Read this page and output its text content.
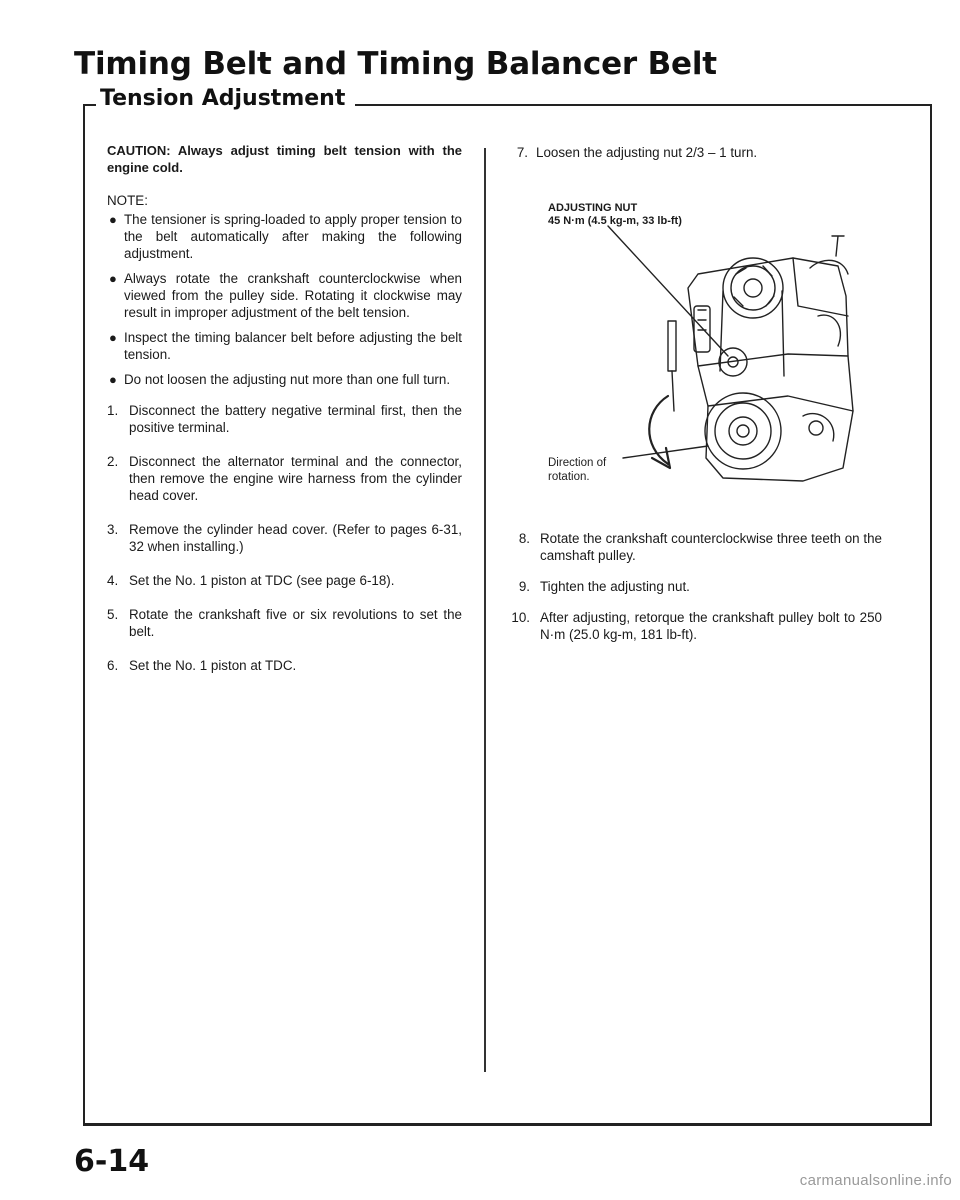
Timing Belt and Timing Balancer Belt
Tension Adjustment

CAUTION: Always adjust timing belt tension with the engine cold.

NOTE:

● The tensioner is spring-loaded to apply proper tension to the belt automatically after making the following adjustment.
● Always rotate the crankshaft counterclockwise when viewed from the pulley side. Rotating it clockwise may result in improper adjustment of the belt tension.
● Inspect the timing balancer belt before adjusting the belt tension.
● Do not loosen the adjusting nut more than one full turn.
1. Disconnect the battery negative terminal first, then the positive terminal.
2. Disconnect the alternator terminal and the connector, then remove the engine wire harness from the cylinder head cover.
3. Remove the cylinder head cover. (Refer to pages 6-31, 32 when installing.)
4. Set the No. 1 piston at TDC (see page 6-18).
5. Rotate the crankshaft five or six revolutions to set the belt.
6. Set the No. 1 piston at TDC.

7. Loosen the adjusting nut 2/3 – 1 turn.

ADJUSTING NUT
45 N·m (4.5 kg-m, 33 lb-ft)
Direction of
rotation.
8. Rotate the crankshaft counterclockwise three teeth on the camshaft pulley.
9. Tighten the adjusting nut.
10. After adjusting, retorque the crankshaft pulley bolt to 250 N·m (25.0 kg-m, 181 lb-ft).

6-14

carmanualsonline.info
